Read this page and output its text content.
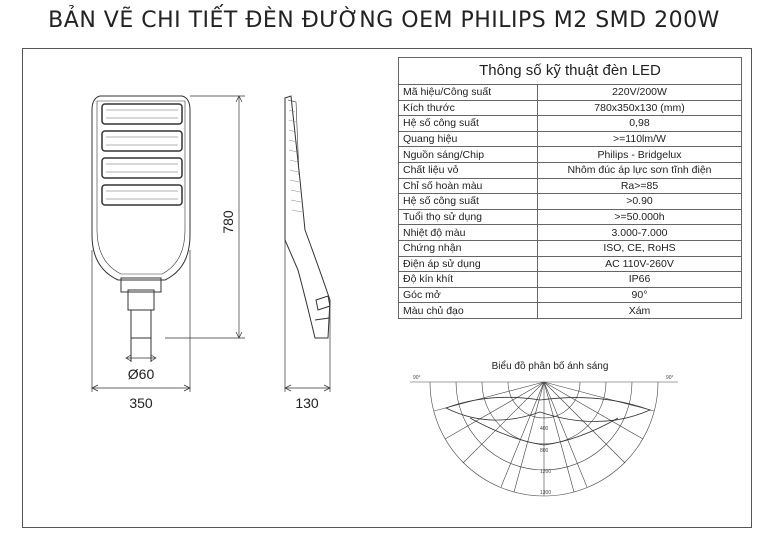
BẢN VẼ CHI TIẾT ĐÈN ĐƯỜNG OEM PHILIPS M2 SMD 200W
780
350	130
Ø60	90°	90°
400
800
1200
1300
Biểu đồ phân bố ánh sáng
Thông số kỹ thuật đèn LED	
Mã hiệu/Công suất	220V/200W
Kích thước	780x350x130 (mm)
Hệ số công suất	0,98
Quang hiệu	>=110lm/W
Nguồn sáng/Chip	Philips - Bridgelux
Chất liệu vỏ	Nhôm đúc áp lực sơn tĩnh điện
Chỉ số hoàn màu	Ra>=85
Hệ số công suất	>0.90
Tuổi thọ sử dụng	>=50.000h
Nhiệt độ màu	3.000-7.000
Chứng nhận	ISO, CE, RoHS
Điện áp sử dụng	AC 110V-260V
Độ kín khít	IP66
Góc mở	90°
Màu chủ đạo	Xám
